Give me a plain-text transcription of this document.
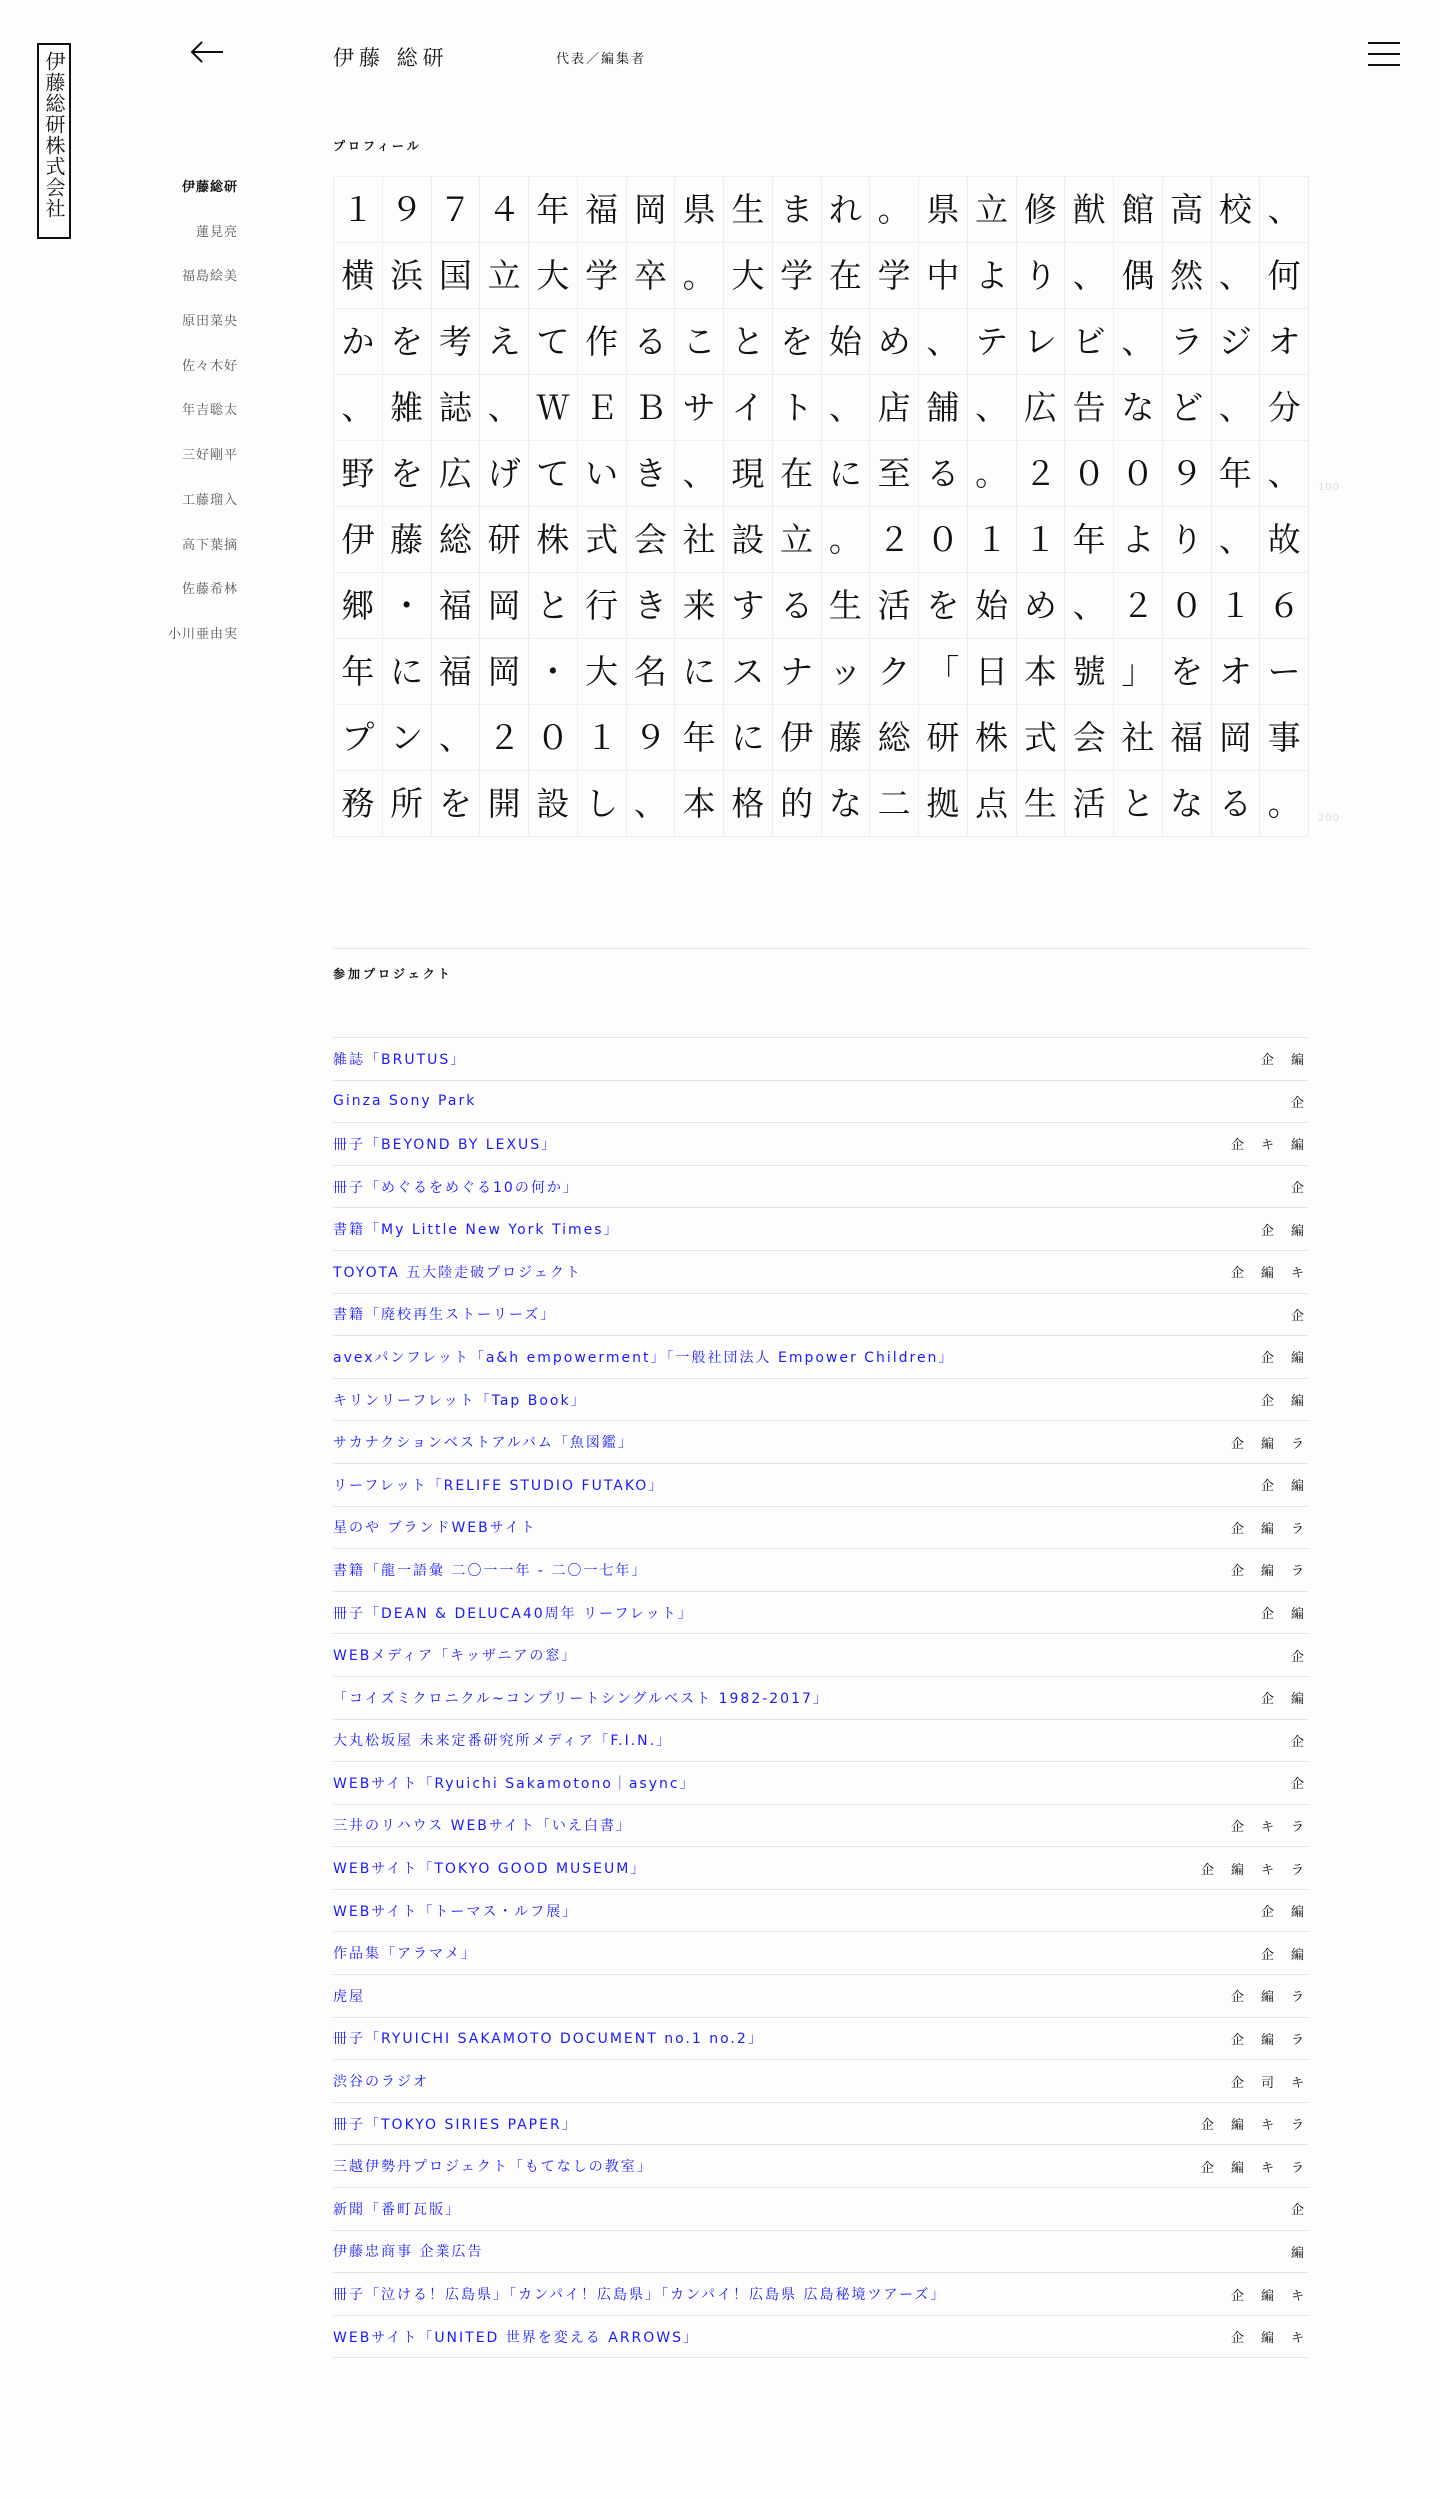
伊藤総研株式会社	伊藤 総研	代表／編集者
伊藤総研
蓮見亮
福島絵美
原田菜央
佐々木好
年吉聡太
三好剛平
工藤瑠入
高下葉摘
佐藤希林
小川亜由実
プロフィール
１ ９ ７ ４ 年 福 岡 県 生 ま れ 。 県 立 修 猷 館 高 校 、
横 浜 国 立 大 学 卒 。 大 学 在 学 中 よ り 、 偶 然 、 何
か を 考 え て 作 る こ と を 始 め 、 テ レ ビ 、 ラ ジ オ
、 雑 誌 、 Ｗ Ｅ Ｂ サ イ ト 、 店 舗 、 広 告 な ど 、 分
野 を 広 げ て い き 、 現 在 に 至 る 。 ２ ０ ０ ９ 年 、
伊 藤 総 研 株 式 会 社 設 立 。 ２ ０ １ １ 年 よ り 、 故
郷 ・ 福 岡 と 行 き 来 す る 生 活 を 始 め 、 ２ ０ １ ６
年 に 福 岡 ・ 大 名 に ス ナ ッ ク 「 日 本 號 」 を オ ー
プ ン 、 ２ ０ １ ９ 年 に 伊 藤 総 研 株 式 会 社 福 岡 事
務 所 を 開 設 し 、 本 格 的 な 二 拠 点 生 活 と な る 。
100
200
参加プロジェクト
雑誌「BRUTUS」	企	編
Ginza Sony Park	企
冊子「BEYOND BY LEXUS」	企	キ	編
冊子「めぐるをめぐる10の何か」	企
書籍「My Little New York Times」	企	編
TOYOTA 五大陸走破プロジェクト	企	編	キ
書籍「廃校再生ストーリーズ」	企
avexパンフレット「a&h empowerment」「一般社団法人 Empower Children」	企	編
キリンリーフレット「Tap Book」	企	編
サカナクションベストアルバム「魚図鑑」	企	編	ラ
リーフレット「RELIFE STUDIO FUTAKO」	企	編
星のや ブランドWEBサイト	企	編	ラ
書籍「龍一語彙 二〇一一年 ‐ 二〇一七年」	企	編	ラ
冊子「DEAN & DELUCA40周年 リーフレット」	企	編
WEBメディア「キッザニアの窓」	企
「コイズミクロニクル~コンプリートシングルベスト 1982-2017」	企	編
大丸松坂屋 未来定番研究所メディア「F.I.N.」	企
WEBサイト「Ryuichi Sakamotono｜async」	企
三井のリハウス WEBサイト「いえ白書」	企	キ	ラ
WEBサイト「TOKYO GOOD MUSEUM」	企	編	キ	ラ
WEBサイト「トーマス・ルフ展」	企	編
作品集「アラマメ」	企	編
虎屋	企	編	ラ
冊子「RYUICHI SAKAMOTO DOCUMENT no.1 no.2」	企	編	ラ
渋谷のラジオ	企	司	キ
冊子「TOKYO SIRIES PAPER」	企	編	キ	ラ
三越伊勢丹プロジェクト「もてなしの教室」	企	編	キ	ラ
新聞「番町瓦版」	企
伊藤忠商事 企業広告	編
冊子「泣ける！広島県」「カンパイ！広島県」「カンパイ！広島県 広島秘境ツアーズ」	企	編	キ
WEBサイト「UNITED 世界を変える ARROWS」	企	編	キ
